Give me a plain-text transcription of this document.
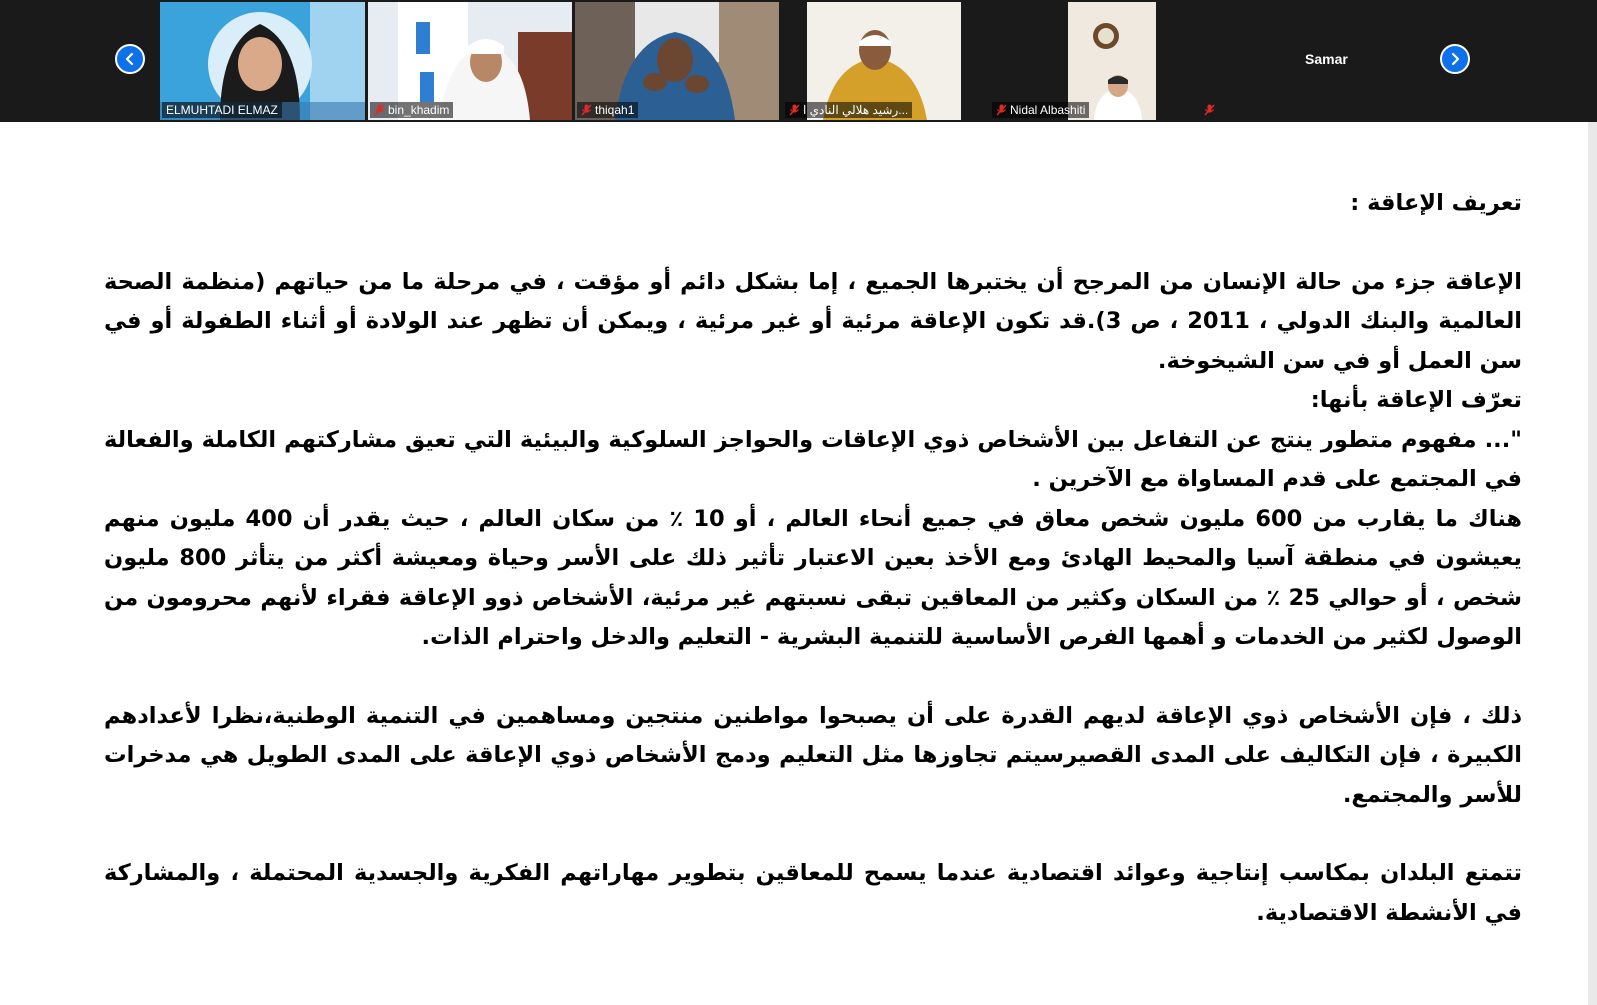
ELMUHTADI ELMAZ	bin_khadim	thiqah1	رشيد هلالي النادي ا...	Nidal Albashiti
Samar

تعريف الإعاقة :

الإعاقة جزء من حالة الإنسان من المرجح أن يختبرها الجميع ، إما بشكل دائم أو مؤقت ، في مرحلة ما من حياتهم (منظمة الصحة العالمية والبنك الدولي ، 2011 ، ص 3).قد تكون الإعاقة مرئية أو غير مرئية ، ويمكن أن تظهر عند الولادة أو أثناء الطفولة أو في سن العمل أو في سن الشيخوخة.

تعرّف الإعاقة بأنها:

"... مفهوم متطور ينتج عن التفاعل بين الأشخاص ذوي الإعاقات والحواجز السلوكية والبيئية التي تعيق مشاركتهم الكاملة والفعالة في المجتمع على قدم المساواة مع الآخرين .

هناك ما يقارب من 600 مليون شخص معاق في جميع أنحاء العالم ، أو 10 ٪ من سكان العالم ، حيث يقدر أن 400 مليون منهم يعيشون في منطقة آسيا والمحيط الهادئ ومع الأخذ بعين الاعتبار تأثير ذلك على الأسر وحياة ومعيشة أكثر من يتأثر 800 مليون شخص ، أو حوالي 25 ٪ من السكان وكثير من المعاقين تبقى نسبتهم غير مرئية، الأشخاص ذوو الإعاقة فقراء لأنهم محرومون من الوصول لكثير من الخدمات و أهمها الفرص الأساسية للتنمية البشرية - التعليم والدخل واحترام الذات.

ذلك ، فإن الأشخاص ذوي الإعاقة لديهم القدرة على أن يصبحوا مواطنين منتجين ومساهمين في التنمية الوطنية،نظرا لأعدادهم الكبيرة ، فإن التكاليف على المدى القصيرسيتم تجاوزها مثل التعليم ودمج الأشخاص ذوي الإعاقة على المدى الطويل هي مدخرات للأسر والمجتمع.

تتمتع البلدان بمكاسب إنتاجية وعوائد اقتصادية عندما يسمح للمعاقين بتطوير مهاراتهم الفكرية والجسدية المحتملة ، والمشاركة في الأنشطة الاقتصادية.
